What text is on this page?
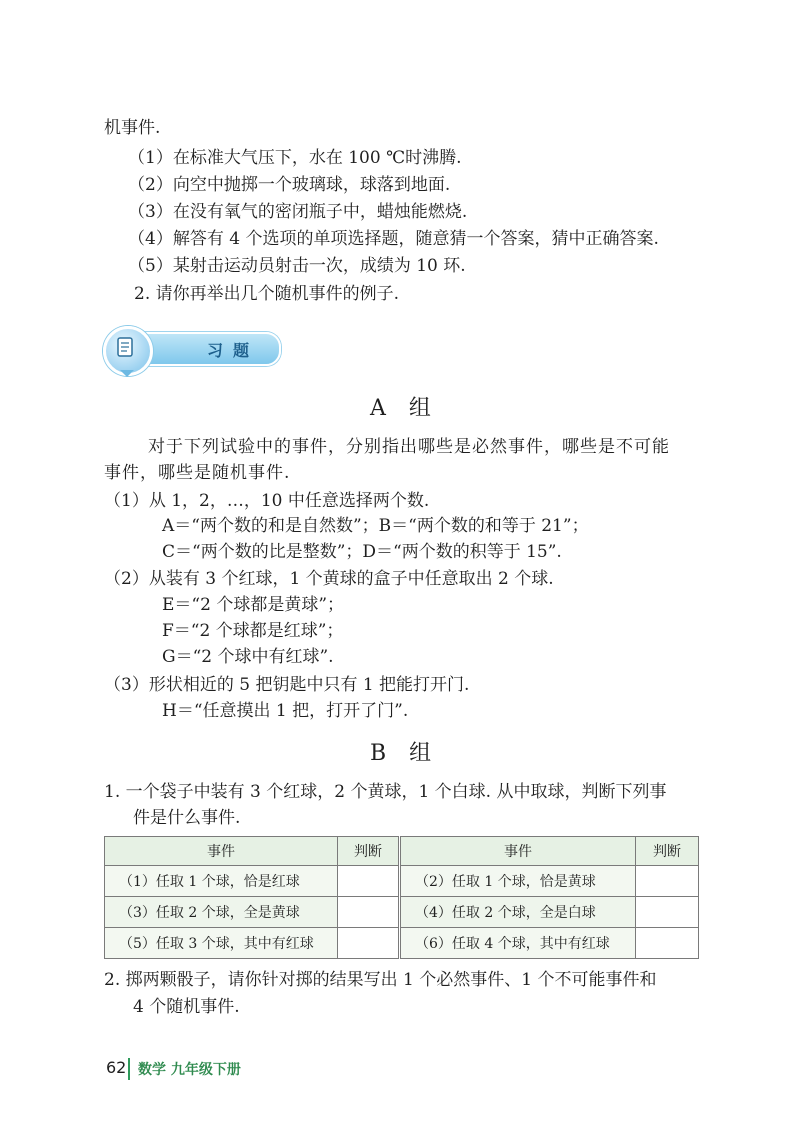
机事件.
（1）在标准大气压下，水在 100 ℃时沸腾.
（2）向空中抛掷一个玻璃球，球落到地面.
（3）在没有氧气的密闭瓶子中，蜡烛能燃烧.
（4）解答有 4 个选项的单项选择题，随意猜一个答案，猜中正确答案.
（5）某射击运动员射击一次，成绩为 10 环.
2. 请你再举出几个随机事件的例子.
习题
A 组
对于下列试验中的事件，分别指出哪些是必然事件，哪些是不可能
事件，哪些是随机事件.
（1）从 1，2，…，10 中任意选择两个数.
A＝“两个数的和是自然数”；B＝“两个数的和等于 21”；
C＝“两个数的比是整数”；D＝“两个数的积等于 15”.
（2）从装有 3 个红球，1 个黄球的盒子中任意取出 2 个球.
E＝“2 个球都是黄球”；
F＝“2 个球都是红球”；
G＝“2 个球中有红球”.
（3）形状相近的 5 把钥匙中只有 1 把能打开门.
H＝“任意摸出 1 把，打开了门”.
B 组
1. 一个袋子中装有 3 个红球，2 个黄球，1 个白球. 从中取球，判断下列事
件是什么事件.
事件	判断
（1）任取 1 个球，恰是红球	
（3）任取 2 个球，全是黄球	
（5）任取 3 个球，其中有红球	
事件	判断
（2）任取 1 个球，恰是黄球	
（4）任取 2 个球，全是白球	
（6）任取 4 个球，其中有红球	
2. 掷两颗骰子，请你针对掷的结果写出 1 个必然事件、1 个不可能事件和
4 个随机事件.
62 数学 九年级下册
